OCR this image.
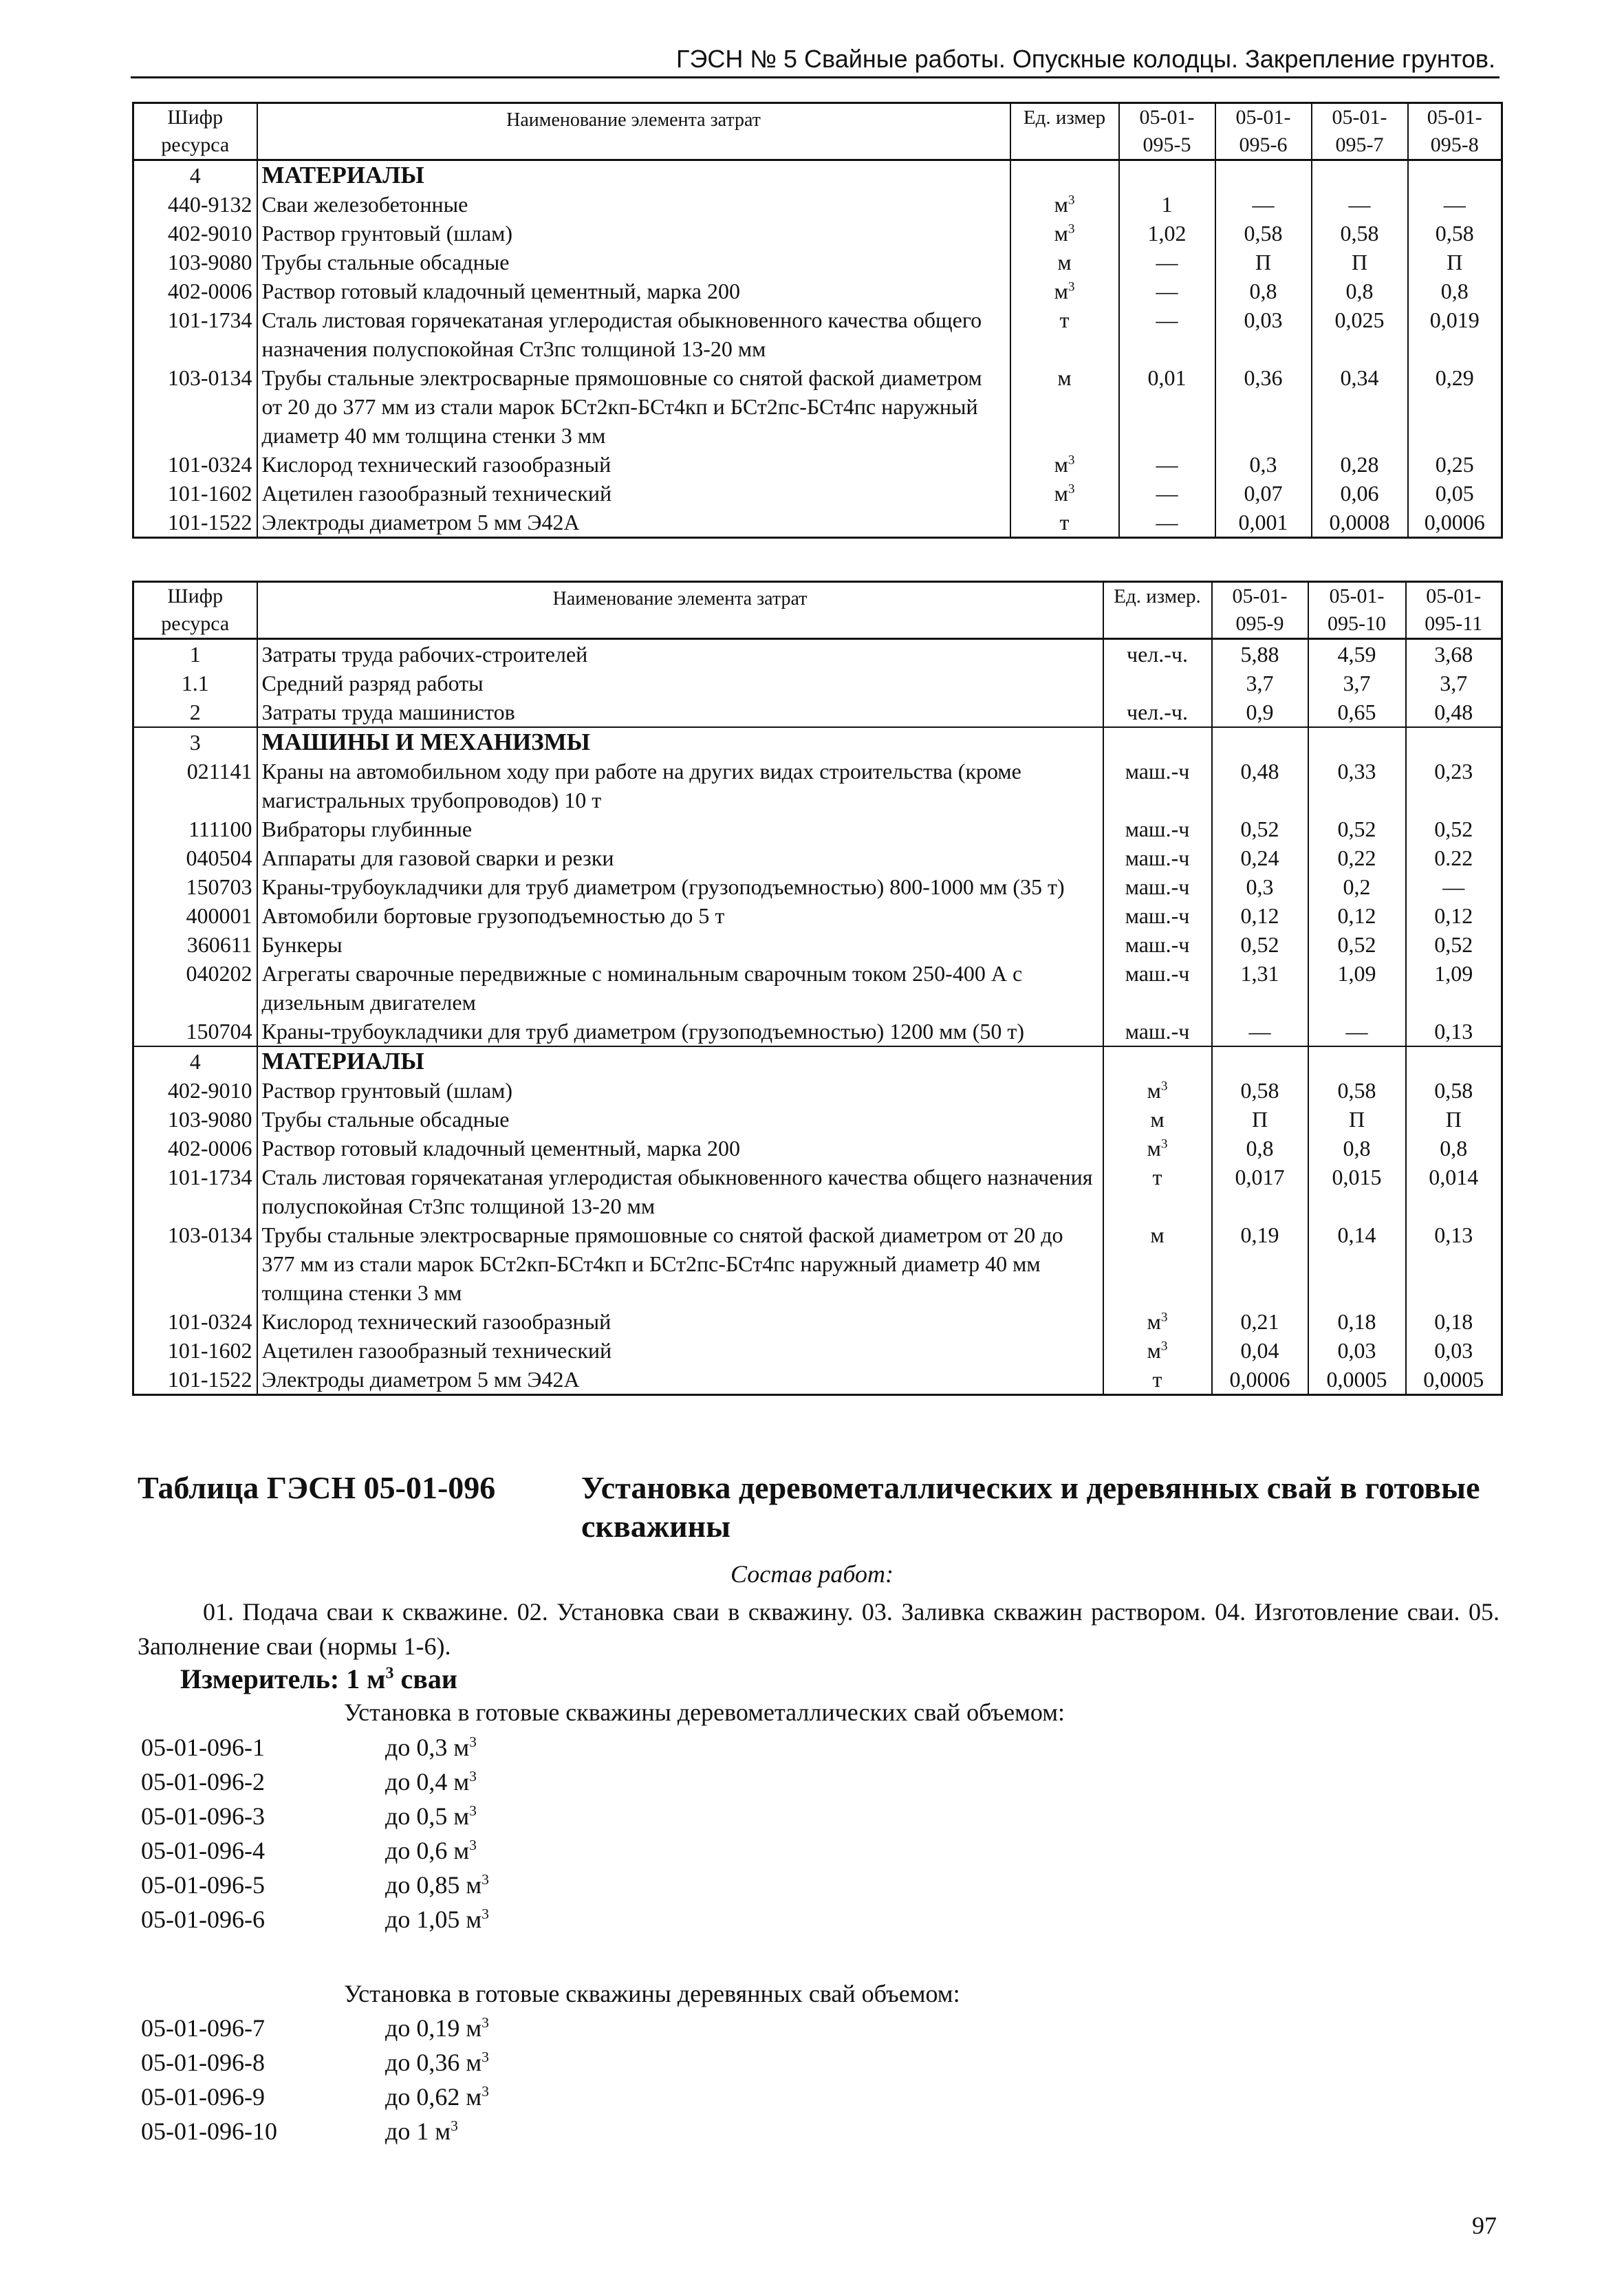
ГЭСН № 5 Свайные работы. Опускные колодцы. Закрепление грунтов.
Шифр ресурса	Наименование элемента затрат	Ед. измер	05-01-095-5	05-01-095-6	05-01-095-7	05-01-095-8
4	МАТЕРИАЛЫ					
440-9132	Сваи железобетонные	$м^3$	1	—	—	—
402-9010	Раствор грунтовый (шлам)	$м^3$	1,02	0,58	0,58	0,58
103-9080	Трубы стальные обсадные	м	—	П	П	П
402-0006	Раствор готовый кладочный цементный, марка 200	$м^3$	—	0,8	0,8	0,8
101-1734	Сталь листовая горячекатаная углеродистая обыкновенного качества общего назначения полуспокойная Ст3пс толщиной 13-20 мм	т	—	0,03	0,025	0,019
103-0134	Трубы стальные электросварные прямошовные со снятой фаской диаметром от 20 до 377 мм из стали марок БСт2кп-БСт4кп и БСт2пс-БСт4пс наружный диаметр 40 мм толщина стенки 3 мм	м	0,01	0,36	0,34	0,29
101-0324	Кислород технический газообразный	$м^3$	—	0,3	0,28	0,25
101-1602	Ацетилен газообразный технический	$м^3$	—	0,07	0,06	0,05
101-1522	Электроды диаметром 5 мм Э42А	т	—	0,001	0,0008	0,0006
Шифр ресурса	Наименование элемента затрат	Ед. измер.	05-01-095-9	05-01-095-10	05-01-095-11
1	Затраты труда рабочих-строителей	чел.-ч.	5,88	4,59	3,68
1.1	Средний разряд работы		3,7	3,7	3,7
2	Затраты труда машинистов	чел.-ч.	0,9	0,65	0,48
3	МАШИНЫ И МЕХАНИЗМЫ				
021141	Краны на автомобильном ходу при работе на других видах строительства (кроме магистральных трубопроводов) 10 т	маш.-ч	0,48	0,33	0,23
111100	Вибраторы глубинные	маш.-ч	0,52	0,52	0,52
040504	Аппараты для газовой сварки и резки	маш.-ч	0,24	0,22	0.22
150703	Краны-трубоукладчики для труб диаметром (грузоподъемностью) 800-1000 мм (35 т)	маш.-ч	0,3	0,2	—
400001	Автомобили бортовые грузоподъемностью до 5 т	маш.-ч	0,12	0,12	0,12
360611	Бункеры	маш.-ч	0,52	0,52	0,52
040202	Агрегаты сварочные передвижные с номинальным сварочным током 250-400 А с дизельным двигателем	маш.-ч	1,31	1,09	1,09
150704	Краны-трубоукладчики для труб диаметром (грузоподъемностью) 1200 мм (50 т)	маш.-ч	—	—	0,13
4	МАТЕРИАЛЫ				
402-9010	Раствор грунтовый (шлам)	$м^3$	0,58	0,58	0,58
103-9080	Трубы стальные обсадные	м	П	П	П
402-0006	Раствор готовый кладочный цементный, марка 200	$м^3$	0,8	0,8	0,8
101-1734	Сталь листовая горячекатаная углеродистая обыкновенного качества общего назначения полуспокойная Ст3пс толщиной 13-20 мм	т	0,017	0,015	0,014
103-0134	Трубы стальные электросварные прямошовные со снятой фаской диаметром от 20 до 377 мм из стали марок БСт2кп-БСт4кп и БСт2пс-БСт4пс наружный диаметр 40 мм толщина стенки 3 мм	м	0,19	0,14	0,13
101-0324	Кислород технический газообразный	$м^3$	0,21	0,18	0,18
101-1602	Ацетилен газообразный технический	$м^3$	0,04	0,03	0,03
101-1522	Электроды диаметром 5 мм Э42А	т	0,0006	0,0005	0,0005
Таблица ГЭСН 05-01-096	Установка деревометаллических и деревянных свай в готовые скважины
Состав работ:
01. Подача сваи к скважине. 02. Установка сваи в скважину. 03. Заливка скважин раствором. 04. Изготовление сваи. 05. Заполнение сваи (нормы 1-6).
Измеритель: 1 $м^3$ сваи
Установка в готовые скважины деревометаллических свай объемом:
05-01-096-1	до 0,3 $м^3$
05-01-096-2	до 0,4 $м^3$
05-01-096-3	до 0,5 $м^3$
05-01-096-4	до 0,6 $м^3$
05-01-096-5	до 0,85 $м^3$
05-01-096-6	до 1,05 $м^3$
Установка в готовые скважины деревянных свай объемом:
05-01-096-7	до 0,19 $м^3$
05-01-096-8	до 0,36 $м^3$
05-01-096-9	до 0,62 $м^3$
05-01-096-10	до 1 $м^3$
97
